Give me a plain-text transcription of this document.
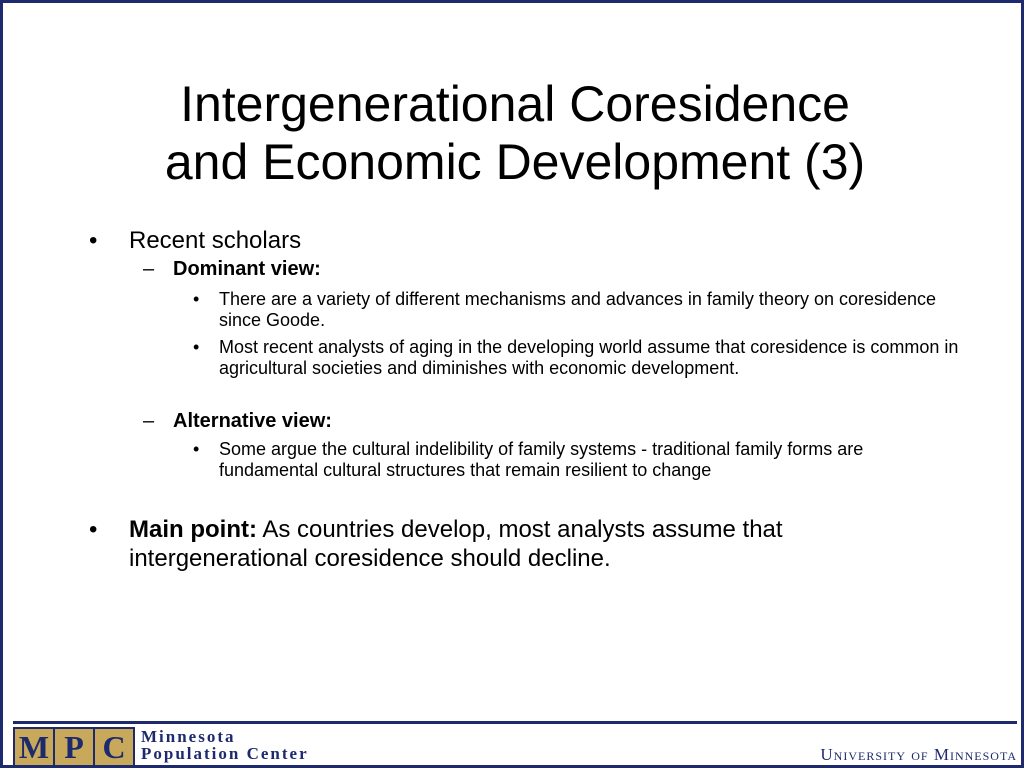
Intergenerational Coresidence
and Economic Development (3)
• Recent scholars
– Dominant view:
• There are a variety of different mechanisms and advances in family theory on coresidence since Goode.
• Most recent analysts of aging in the developing world assume that coresidence is common in agricultural societies and diminishes with economic development.
– Alternative view:
• Some argue the cultural indelibility of family systems - traditional family forms are fundamental cultural structures that remain resilient to change
• Main point: As countries develop, most analysts assume that intergenerational coresidence should decline.
M P C Minnesota
Population Center	University of Minnesota
